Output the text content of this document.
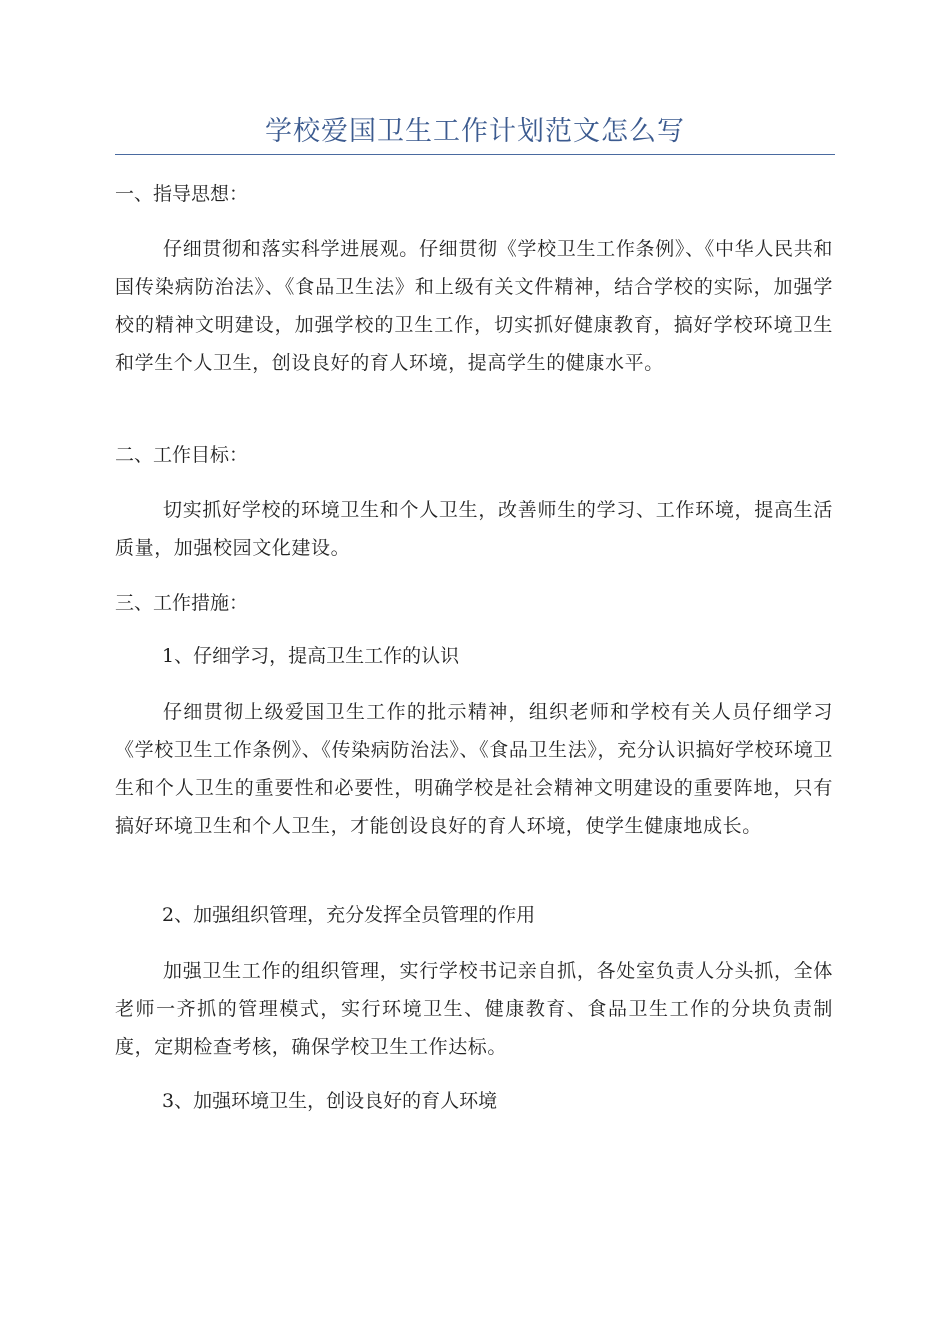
学校爱国卫生工作计划范文怎么写

一、指导思想：

仔细贯彻和落实科学进展观。仔细贯彻《学校卫生工作条例》、《中华人民共和国传染病防治法》、《食品卫生法》和上级有关文件精神，结合学校的实际，加强学校的精神文明建设，加强学校的卫生工作，切实抓好健康教育，搞好学校环境卫生和学生个人卫生，创设良好的育人环境，提高学生的健康水平。

二、工作目标：

切实抓好学校的环境卫生和个人卫生，改善师生的学习、工作环境，提高生活质量，加强校园文化建设。

三、工作措施：

1、仔细学习，提高卫生工作的认识

仔细贯彻上级爱国卫生工作的批示精神，组织老师和学校有关人员仔细学习《学校卫生工作条例》、《传染病防治法》、《食品卫生法》，充分认识搞好学校环境卫生和个人卫生的重要性和必要性，明确学校是社会精神文明建设的重要阵地，只有搞好环境卫生和个人卫生，才能创设良好的育人环境，使学生健康地成长。

2、加强组织管理，充分发挥全员管理的作用

加强卫生工作的组织管理，实行学校书记亲自抓，各处室负责人分头抓，全体老师一齐抓的管理模式，实行环境卫生、健康教育、食品卫生工作的分块负责制度，定期检查考核，确保学校卫生工作达标。

3、加强环境卫生，创设良好的育人环境
